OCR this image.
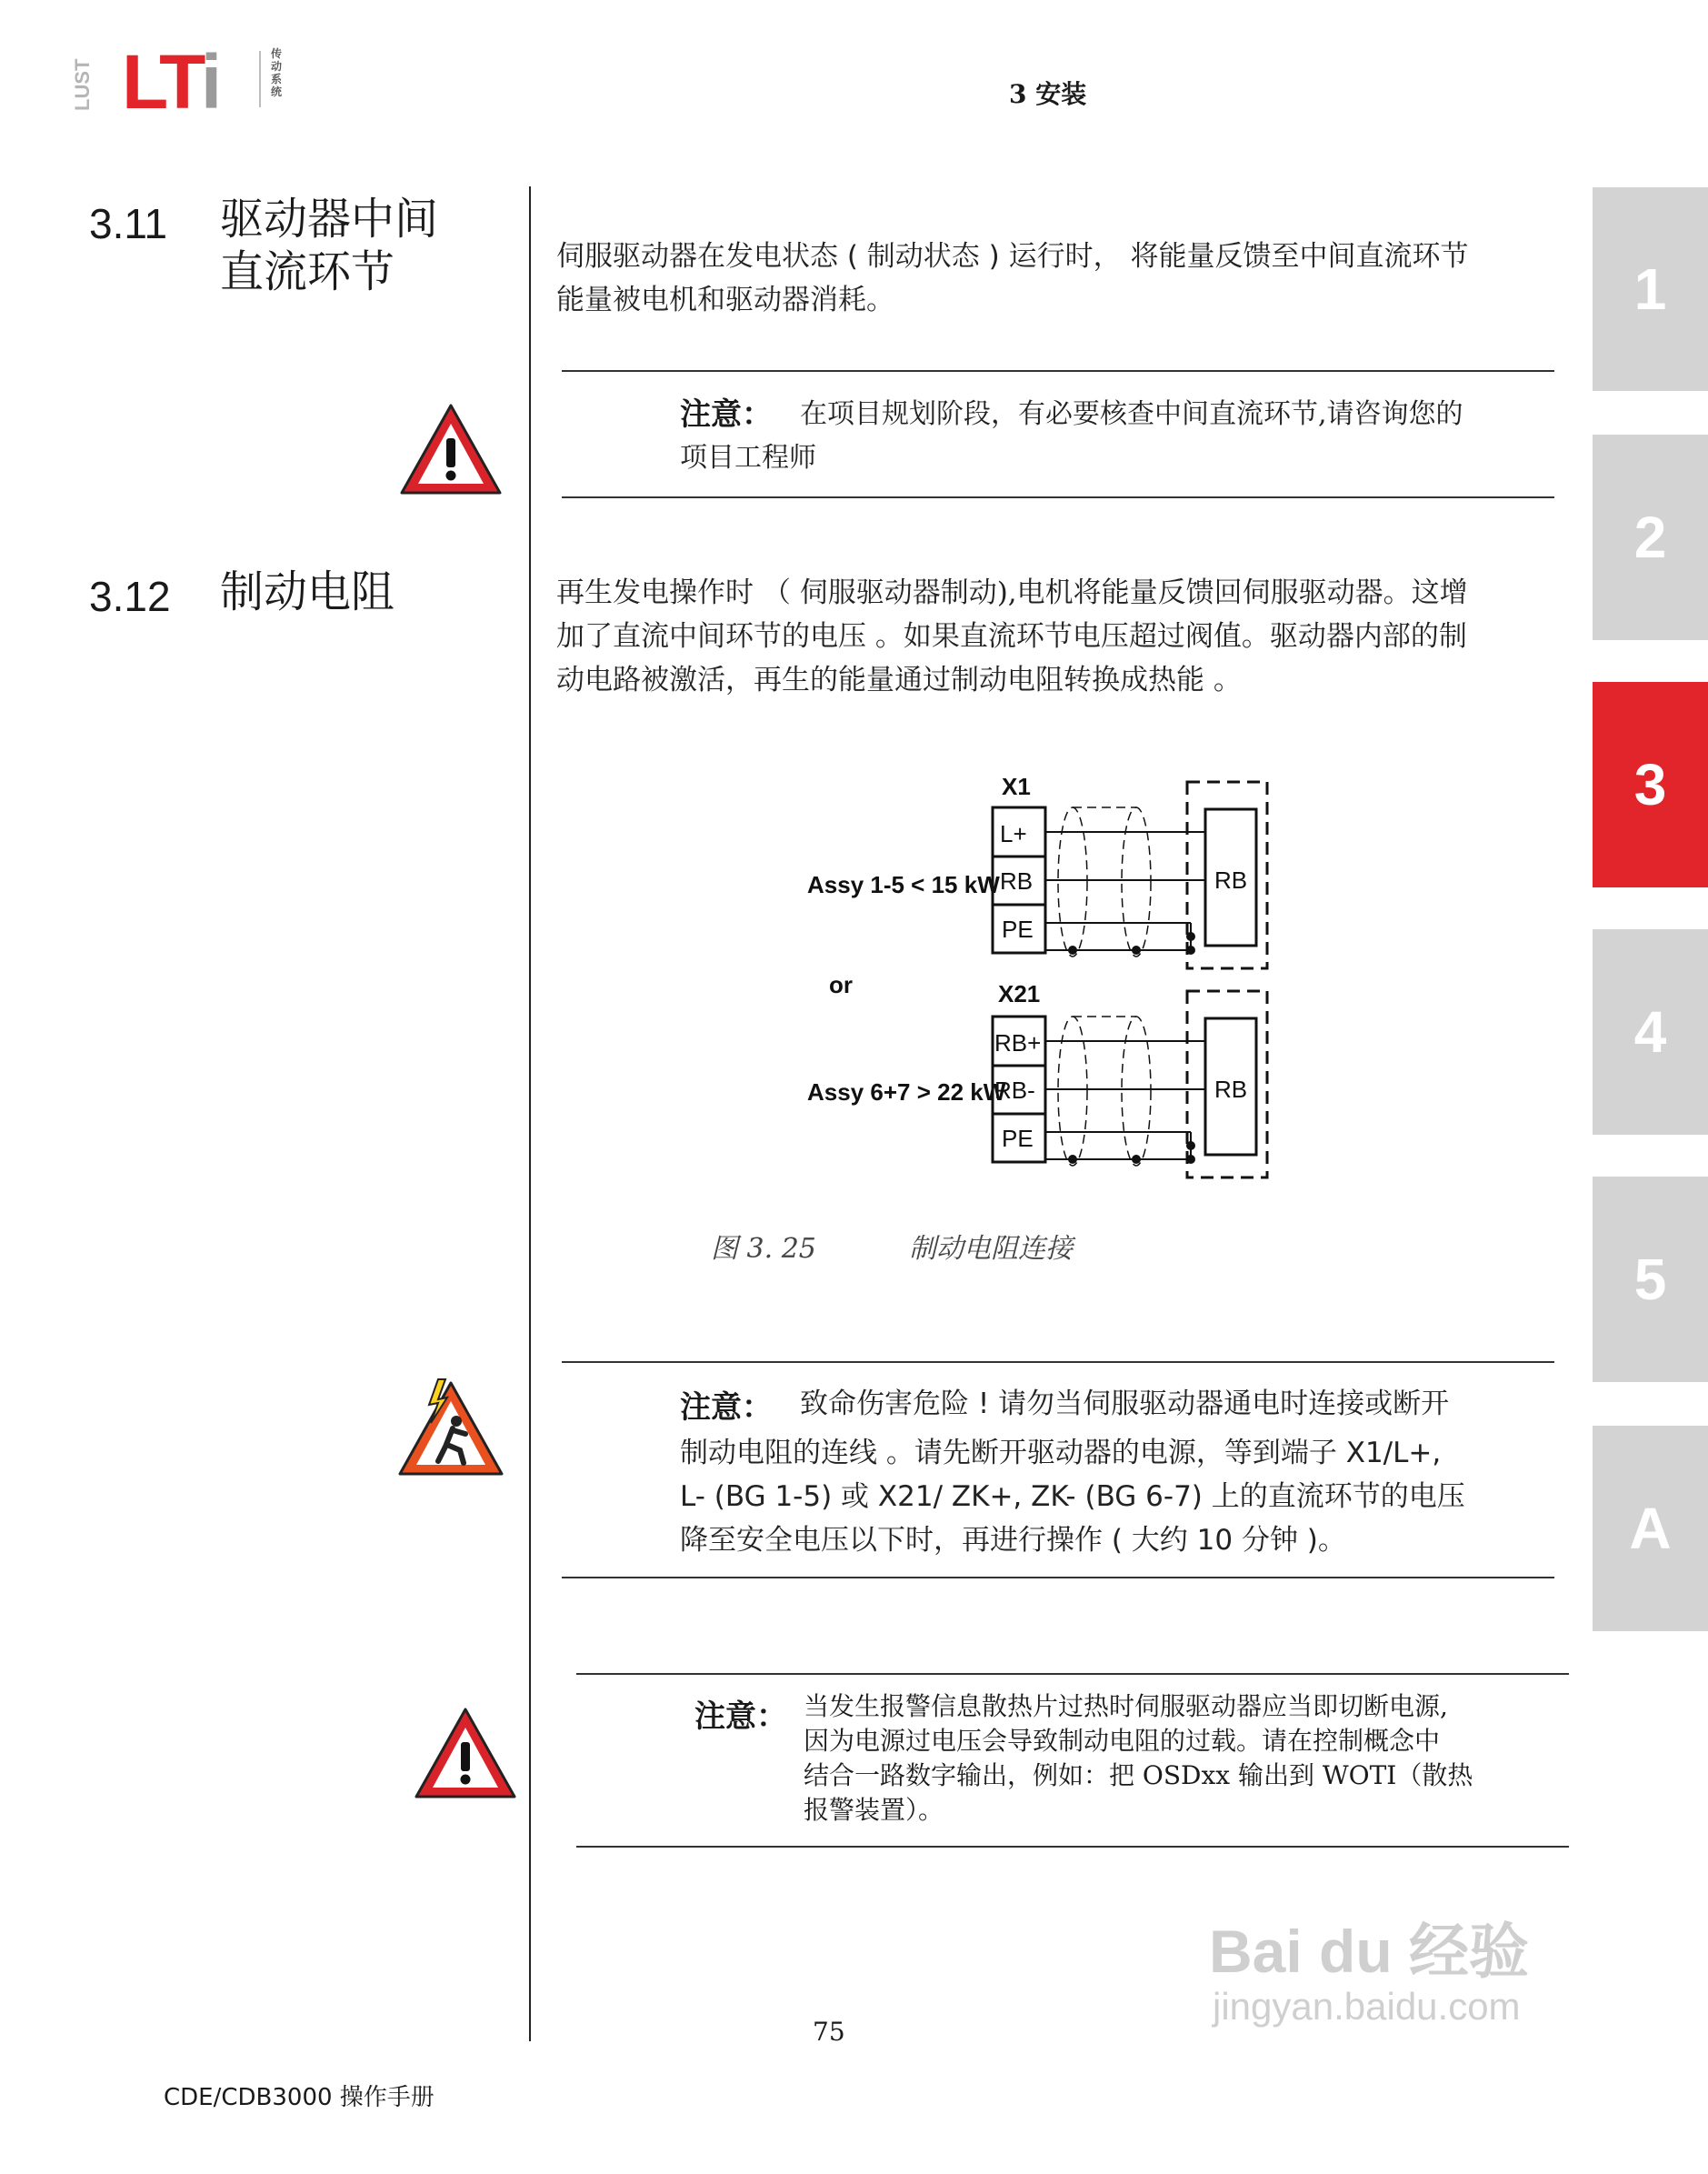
LUST LTi	传动系统	3 安装
3.11 驱动器中间
直流环节	伺服驱动器在发电状态 ( 制动状态 ) 运行时， 将能量反馈至中间直流环节
能量被电机和驱动器消耗。
注意： 在项目规划阶段，有必要核查中间直流环节,请咨询您的
项目工程师
3.12 制动电阻	再生发电操作时 （ 伺服驱动器制动),电机将能量反馈回伺服驱动器。这增
加了直流中间环节的电压 。如果直流环节电压超过阀值。驱动器内部的制
动电路被激活，再生的能量通过制动电阻转换成热能 。
X1
L+
RB
PE
Assy 1-5 < 15 kW	RB
or	X21
RB+
RB-
PE
Assy 6+7 > 22 kW	RB
图 3. 25	制动电阻连接
注意： 致命伤害危险 ! 请勿当伺服驱动器通电时连接或断开
制动电阻的连线 。请先断开驱动器的电源，等到端子 X1/L+,
L- (BG 1-5) 或 X21/ ZK+, ZK- (BG 6-7) 上的直流环节的电压
降至安全电压以下时，再进行操作 ( 大约 10 分钟 )。
注意： 当发生报警信息散热片过热时伺服驱动器应当即切断电源,
因为电源过电压会导致制动电阻的过载。请在控制概念中
结合一路数字输出，例如：把 OSDxx 输出到 WOTI（散热
报警装置）。
1
2
3
4
5
A
75
CDE/CDB3000 操作手册
Bai du 经验
jingyan.baidu.com
